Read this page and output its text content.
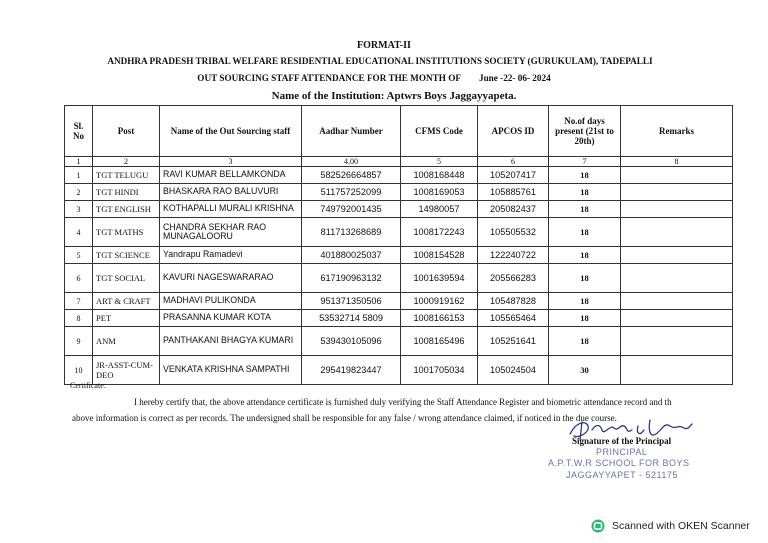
FORMAT-II
ANDHRA PRADESH TRIBAL WELFARE RESIDENTIAL EDUCATIONAL INSTITUTIONS SOCIETY (GURUKULAM), TADEPALLI
OUT SOURCING STAFF ATTENDANCE FOR THE MONTH OF June -22- 06- 2024
Name of the Institution: Aptwrs Boys Jaggayyapeta.
Sl. No	Post	Name of the Out Sourcing staff	Aadhar Number	CFMS Code	APCOS ID	No.of days present (21st to 20th)	Remarks
1	2	3	4.00	5	6	7	8
1	TGT TELUGU	RAVI KUMAR BELLAMKONDA	582526664857	1008168448	105207417	18	
2	TGT HINDI	BHASKARA RAO BALUVURI	511757252099	1008169053	105885761	18	
3	TGT ENGLISH	KOTHAPALLI MURALI KRISHNA	749792001435	14980057	205082437	18	
4	TGT MATHS	CHANDRA SEKHAR RAO MUNAGALOORU	811713268689	1008172243	105505532	18	
5	TGT SCIENCE	Yandrapu Ramadevi	401880025037	1008154528	122240722	18	
6	TGT SOCIAL	KAVURI NAGESWARARAO	617190963132	1001639594	205566283	18	
7	ART & CRAFT	MADHAVI PULIKONDA	951371350506	1000919162	105487828	18	
8	PET	PRASANNA KUMAR KOTA	53532714 5809	1008166153	105565464	18	
9	ANM	PANTHAKANI BHAGYA KUMARI	539430105096	1008165496	105251641	18	
10	JR-ASST-CUM-DEO	VENKATA KRISHNA SAMPATHI	295419823447	1001705034	105024504	30	
Certificate:
I hereby certify that, the above attendance certificate is furnished duly verifying the Staff Attendance Register and biometric attendance record and th
above information is correct as per records. The undersigned shall be responsible for any false / wrong attendance claimed, if noticed in the due course.
Signature of the Principal
PRINCIPAL
A.P.T.W.R SCHOOL FOR BOYS
JAGGAYYAPET - 521175
Scanned with OKEN Scanner
